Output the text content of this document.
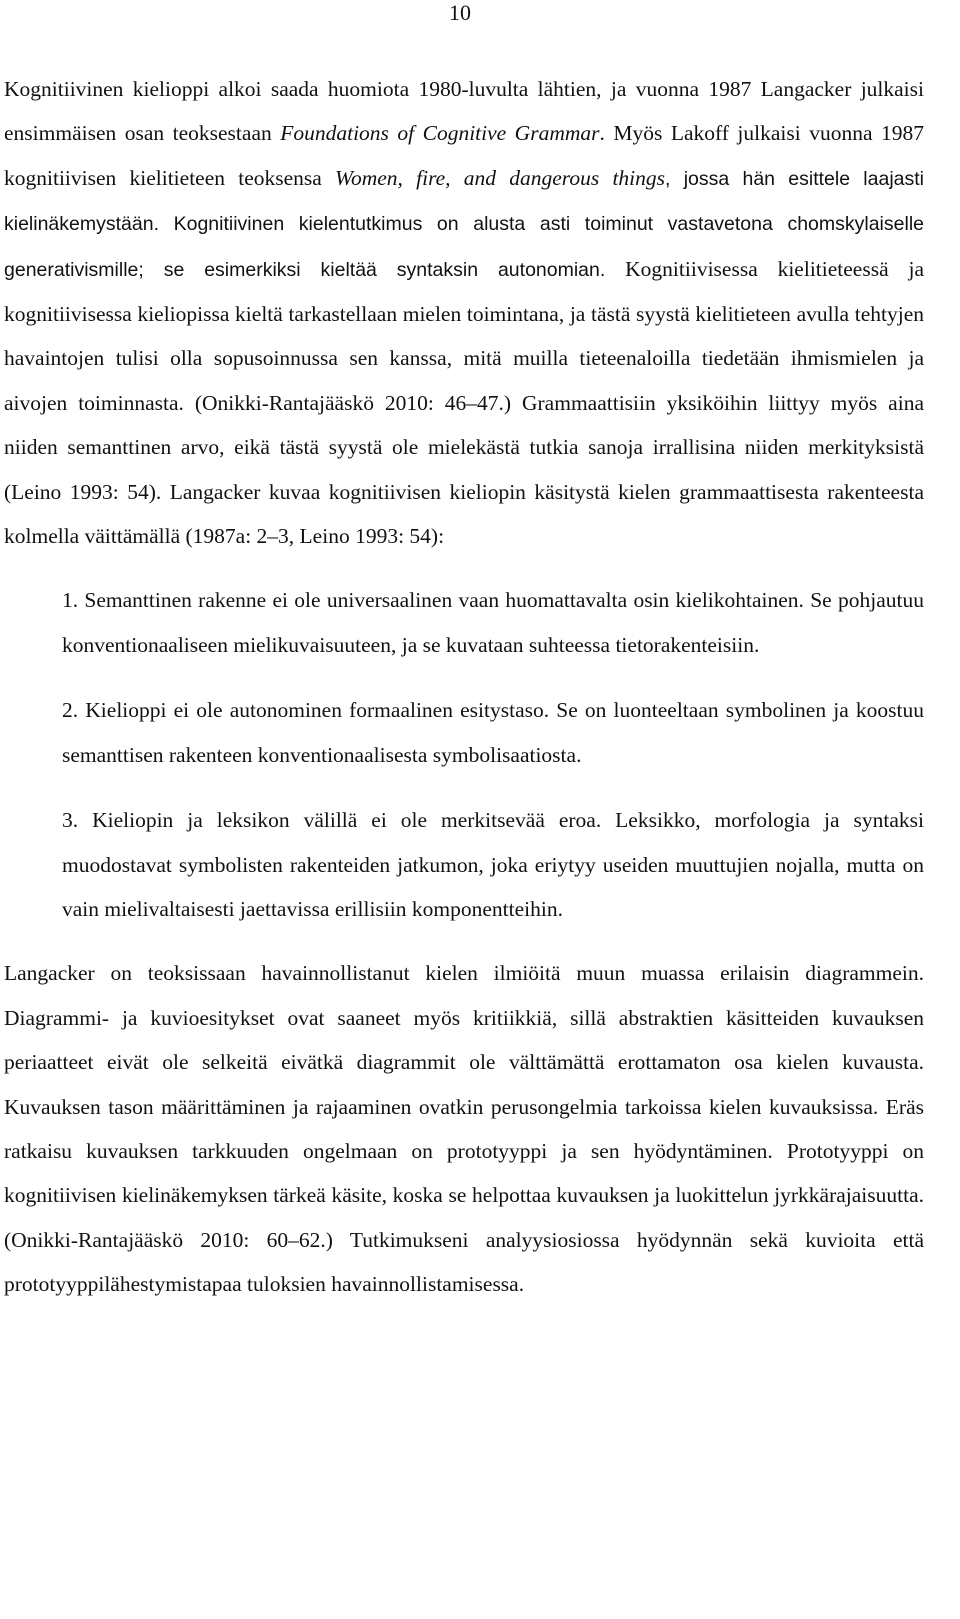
10

Kognitiivinen kielioppi alkoi saada huomiota 1980-luvulta lähtien, ja vuonna 1987 Langacker julkaisi ensimmäisen osan teoksestaan Foundations of Cognitive Grammar. Myös Lakoff julkaisi vuonna 1987 kognitiivisen kielitieteen teoksensa Women, fire, and dangerous things, jossa hän esittele laajasti kielinäkemystään. Kognitiivinen kielentutkimus on alusta asti toiminut vastavetona chomskylaiselle generativismille; se esimerkiksi kieltää syntaksin autonomian. Kognitiivisessa kielitieteessä ja kognitiivisessa kieliopissa kieltä tarkastellaan mielen toimintana, ja tästä syystä kielitieteen avulla tehtyjen havaintojen tulisi olla sopusoinnussa sen kanssa, mitä muilla tieteenaloilla tiedetään ihmismielen ja aivojen toiminnasta. (Onikki-Rantajääskö 2010: 46–47.) Grammaattisiin yksiköihin liittyy myös aina niiden semanttinen arvo, eikä tästä syystä ole mielekästä tutkia sanoja irrallisina niiden merkityksistä (Leino 1993: 54). Langacker kuvaa kognitiivisen kieliopin käsitystä kielen grammaattisesta rakenteesta kolmella väittämällä (1987a: 2–3, Leino 1993: 54):

1. Semanttinen rakenne ei ole universaalinen vaan huomattavalta osin kielikohtainen. Se pohjautuu konventionaaliseen mielikuvaisuuteen, ja se kuvataan suhteessa tietorakenteisiin.

2. Kielioppi ei ole autonominen formaalinen esitystaso. Se on luonteeltaan symbolinen ja koostuu semanttisen rakenteen konventionaalisesta symbolisaatiosta.

3. Kieliopin ja leksikon välillä ei ole merkitsevää eroa. Leksikko, morfologia ja syntaksi muodostavat symbolisten rakenteiden jatkumon, joka eriytyy useiden muuttujien nojalla, mutta on vain mielivaltaisesti jaettavissa erillisiin komponentteihin.

Langacker on teoksissaan havainnollistanut kielen ilmiöitä muun muassa erilaisin diagrammein. Diagrammi- ja kuvioesitykset ovat saaneet myös kritiikkiä, sillä abstraktien käsitteiden kuvauksen periaatteet eivät ole selkeitä eivätkä diagrammit ole välttämättä erottamaton osa kielen kuvausta. Kuvauksen tason määrittäminen ja rajaaminen ovatkin perusongelmia tarkoissa kielen kuvauksissa. Eräs ratkaisu kuvauksen tarkkuuden ongelmaan on prototyyppi ja sen hyödyntäminen. Prototyyppi on kognitiivisen kielinäkemyksen tärkeä käsite, koska se helpottaa kuvauksen ja luokittelun jyrkkärajaisuutta. (Onikki-Rantajääskö 2010: 60–62.) Tutkimukseni analyysiosiossa hyödynnän sekä kuvioita että prototyyppilähestymistapaa tuloksien havainnollistamisessa.
